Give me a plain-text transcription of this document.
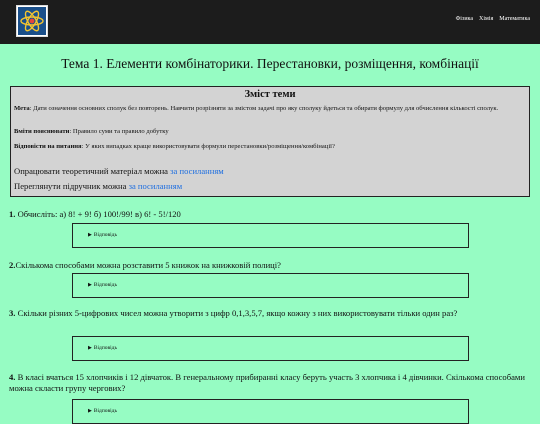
Фізика Хімія Математика
Тема 1. Елементи комбінаторики. Перестановки, розміщення, комбінації
Зміст теми
Мета: Дати означення основних сполук без повторень. Навчити розрізняти за змістом задачі про яку сполуку йдеться та обирати формулу для обчислення кількості сполук.
Вміти пояснювати: Правило суми та правило добутку
Відповісти на питання: У яких випадках краще використовувати формули перестановки/розміщення/комбінації?
Опрацювати теоретичний матеріал можна за посиланням
Переглянути підручник можна за посиланням
1. Обчисліть: а) 8! + 9! б) 100!/99! в) 6! - 5!/120
▶ Відповідь
2.Скількома способами можна розставити 5 книжок на книжковій полиці?
▶ Відповідь
3. Скільки різних 5-цифрових чисел можна утворити з цифр 0,1,3,5,7, якщо кожну з них використовувати тільки один раз?
▶ Відповідь
4. В класі вчаться 15 хлопчиків і 12 дівчаток. В генеральному прибиранні класу беруть участь 3 хлопчика і 4 дівчинки. Скількома способами можна скласти групу чергових?
▶ Відповідь
